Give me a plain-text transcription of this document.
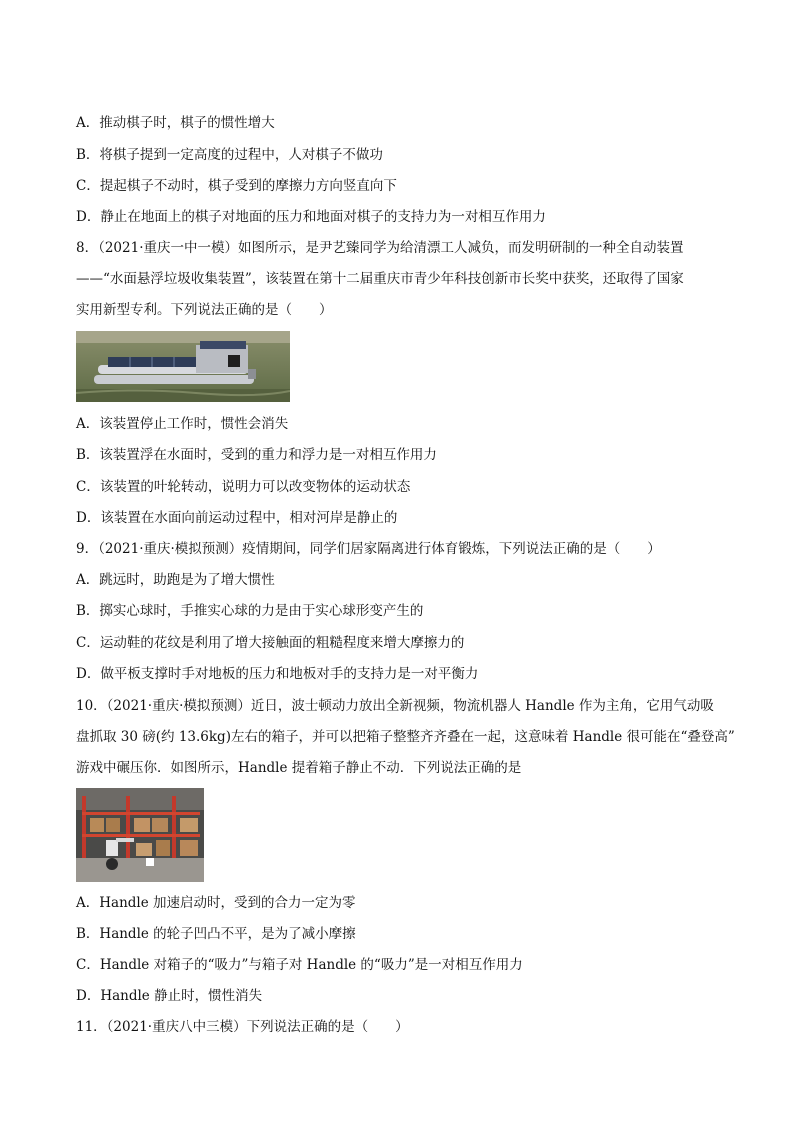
A．推动棋子时，棋子的惯性增大
B．将棋子提到一定高度的过程中，人对棋子不做功
C．提起棋子不动时，棋子受到的摩擦力方向竖直向下
D．静止在地面上的棋子对地面的压力和地面对棋子的支持力为一对相互作用力
8．（2021·重庆一中一模）如图所示，是尹艺臻同学为给清漂工人减负，而发明研制的一种全自动装置
——“水面悬浮垃圾收集装置”，该装置在第十二届重庆市青少年科技创新市长奖中获奖，还取得了国家
实用新型专利。下列说法正确的是（　　）
A．该装置停止工作时，惯性会消失
B．该装置浮在水面时，受到的重力和浮力是一对相互作用力
C．该装置的叶轮转动，说明力可以改变物体的运动状态
D．该装置在水面向前运动过程中，相对河岸是静止的
9．（2021·重庆·模拟预测）疫情期间，同学们居家隔离进行体育锻炼，下列说法正确的是（　　）
A．跳远时，助跑是为了增大惯性
B．掷实心球时，手推实心球的力是由于实心球形变产生的
C．运动鞋的花纹是利用了增大接触面的粗糙程度来增大摩擦力的
D．做平板支撑时手对地板的压力和地板对手的支持力是一对平衡力
10．（2021·重庆·模拟预测）近日，波士顿动力放出全新视频，物流机器人 Handle 作为主角，它用气动吸
盘抓取 30 磅(约 13.6kg)左右的箱子，并可以把箱子整整齐齐叠在一起，这意味着 Handle 很可能在“叠登高”
游戏中碾压你．如图所示，Handle 提着箱子静止不动．下列说法正确的是
A．Handle 加速启动时，受到的合力一定为零
B．Handle 的轮子凹凸不平，是为了减小摩擦
C．Handle 对箱子的“吸力”与箱子对 Handle 的“吸力”是一对相互作用力
D．Handle 静止时，惯性消失
11．（2021·重庆八中三模）下列说法正确的是（　　）
